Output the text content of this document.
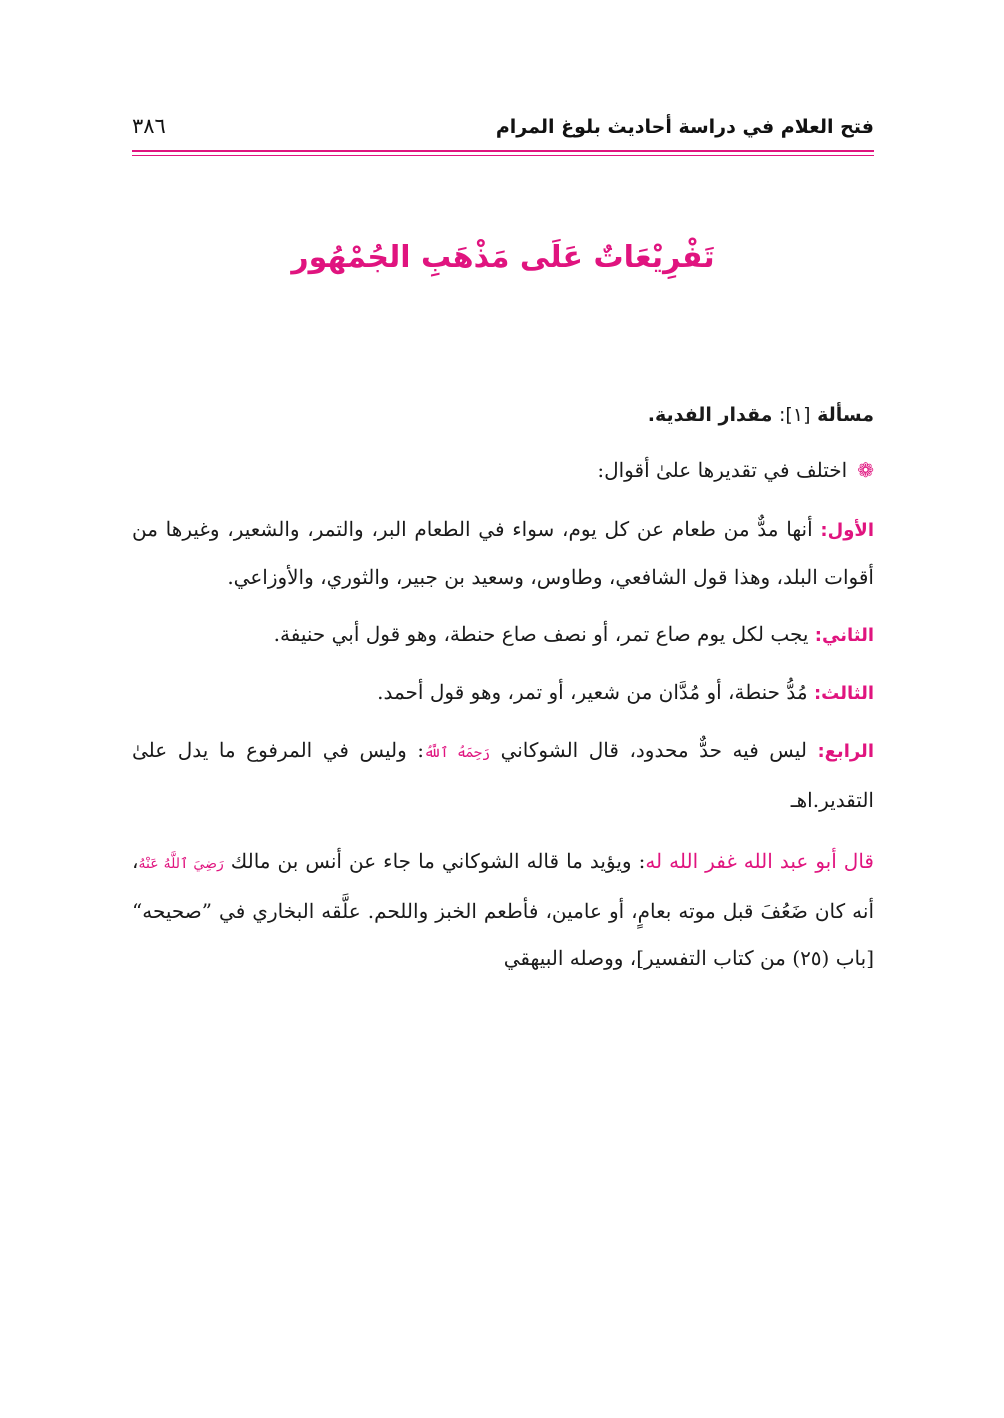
فتح العلام في دراسة أحاديث بلوغ المرام
٣٨٦
تَفْرِيْعَاتٌ عَلَى مَذْهَبِ الجُمْهُور

مسألة [١]: مقدار الفدية.

❁اختلف في تقديرها علىٰ أقوال:

الأول: أنها مدٌّ من طعام عن كل يوم، سواء في الطعام البر، والتمر، والشعير، وغيرها من أقوات البلد، وهذا قول الشافعي، وطاوس، وسعيد بن جبير، والثوري، والأوزاعي.

الثاني: يجب لكل يوم صاع تمر، أو نصف صاع حنطة، وهو قول أبي حنيفة.

الثالث: مُدُّ حنطة، أو مُدَّان من شعير، أو تمر، وهو قول أحمد.

الرابع: ليس فيه حدٌّ محدود، قال الشوكاني رَحِمَهُ ٱللَّهُ: وليس في المرفوع ما يدل علىٰ التقدير.اهـ

قال أبو عبد الله غفر الله له: ويؤيد ما قاله الشوكاني ما جاء عن أنس بن مالك رَضِيَ ٱللَّهُ عَنْهُ، أنه كان ضَعُفَ قبل موته بعامٍ، أو عامين، فأطعم الخبز واللحم. علَّقه البخاري في ”صحيحه“ [باب (٢٥) من كتاب التفسير]، ووصله البيهقي
